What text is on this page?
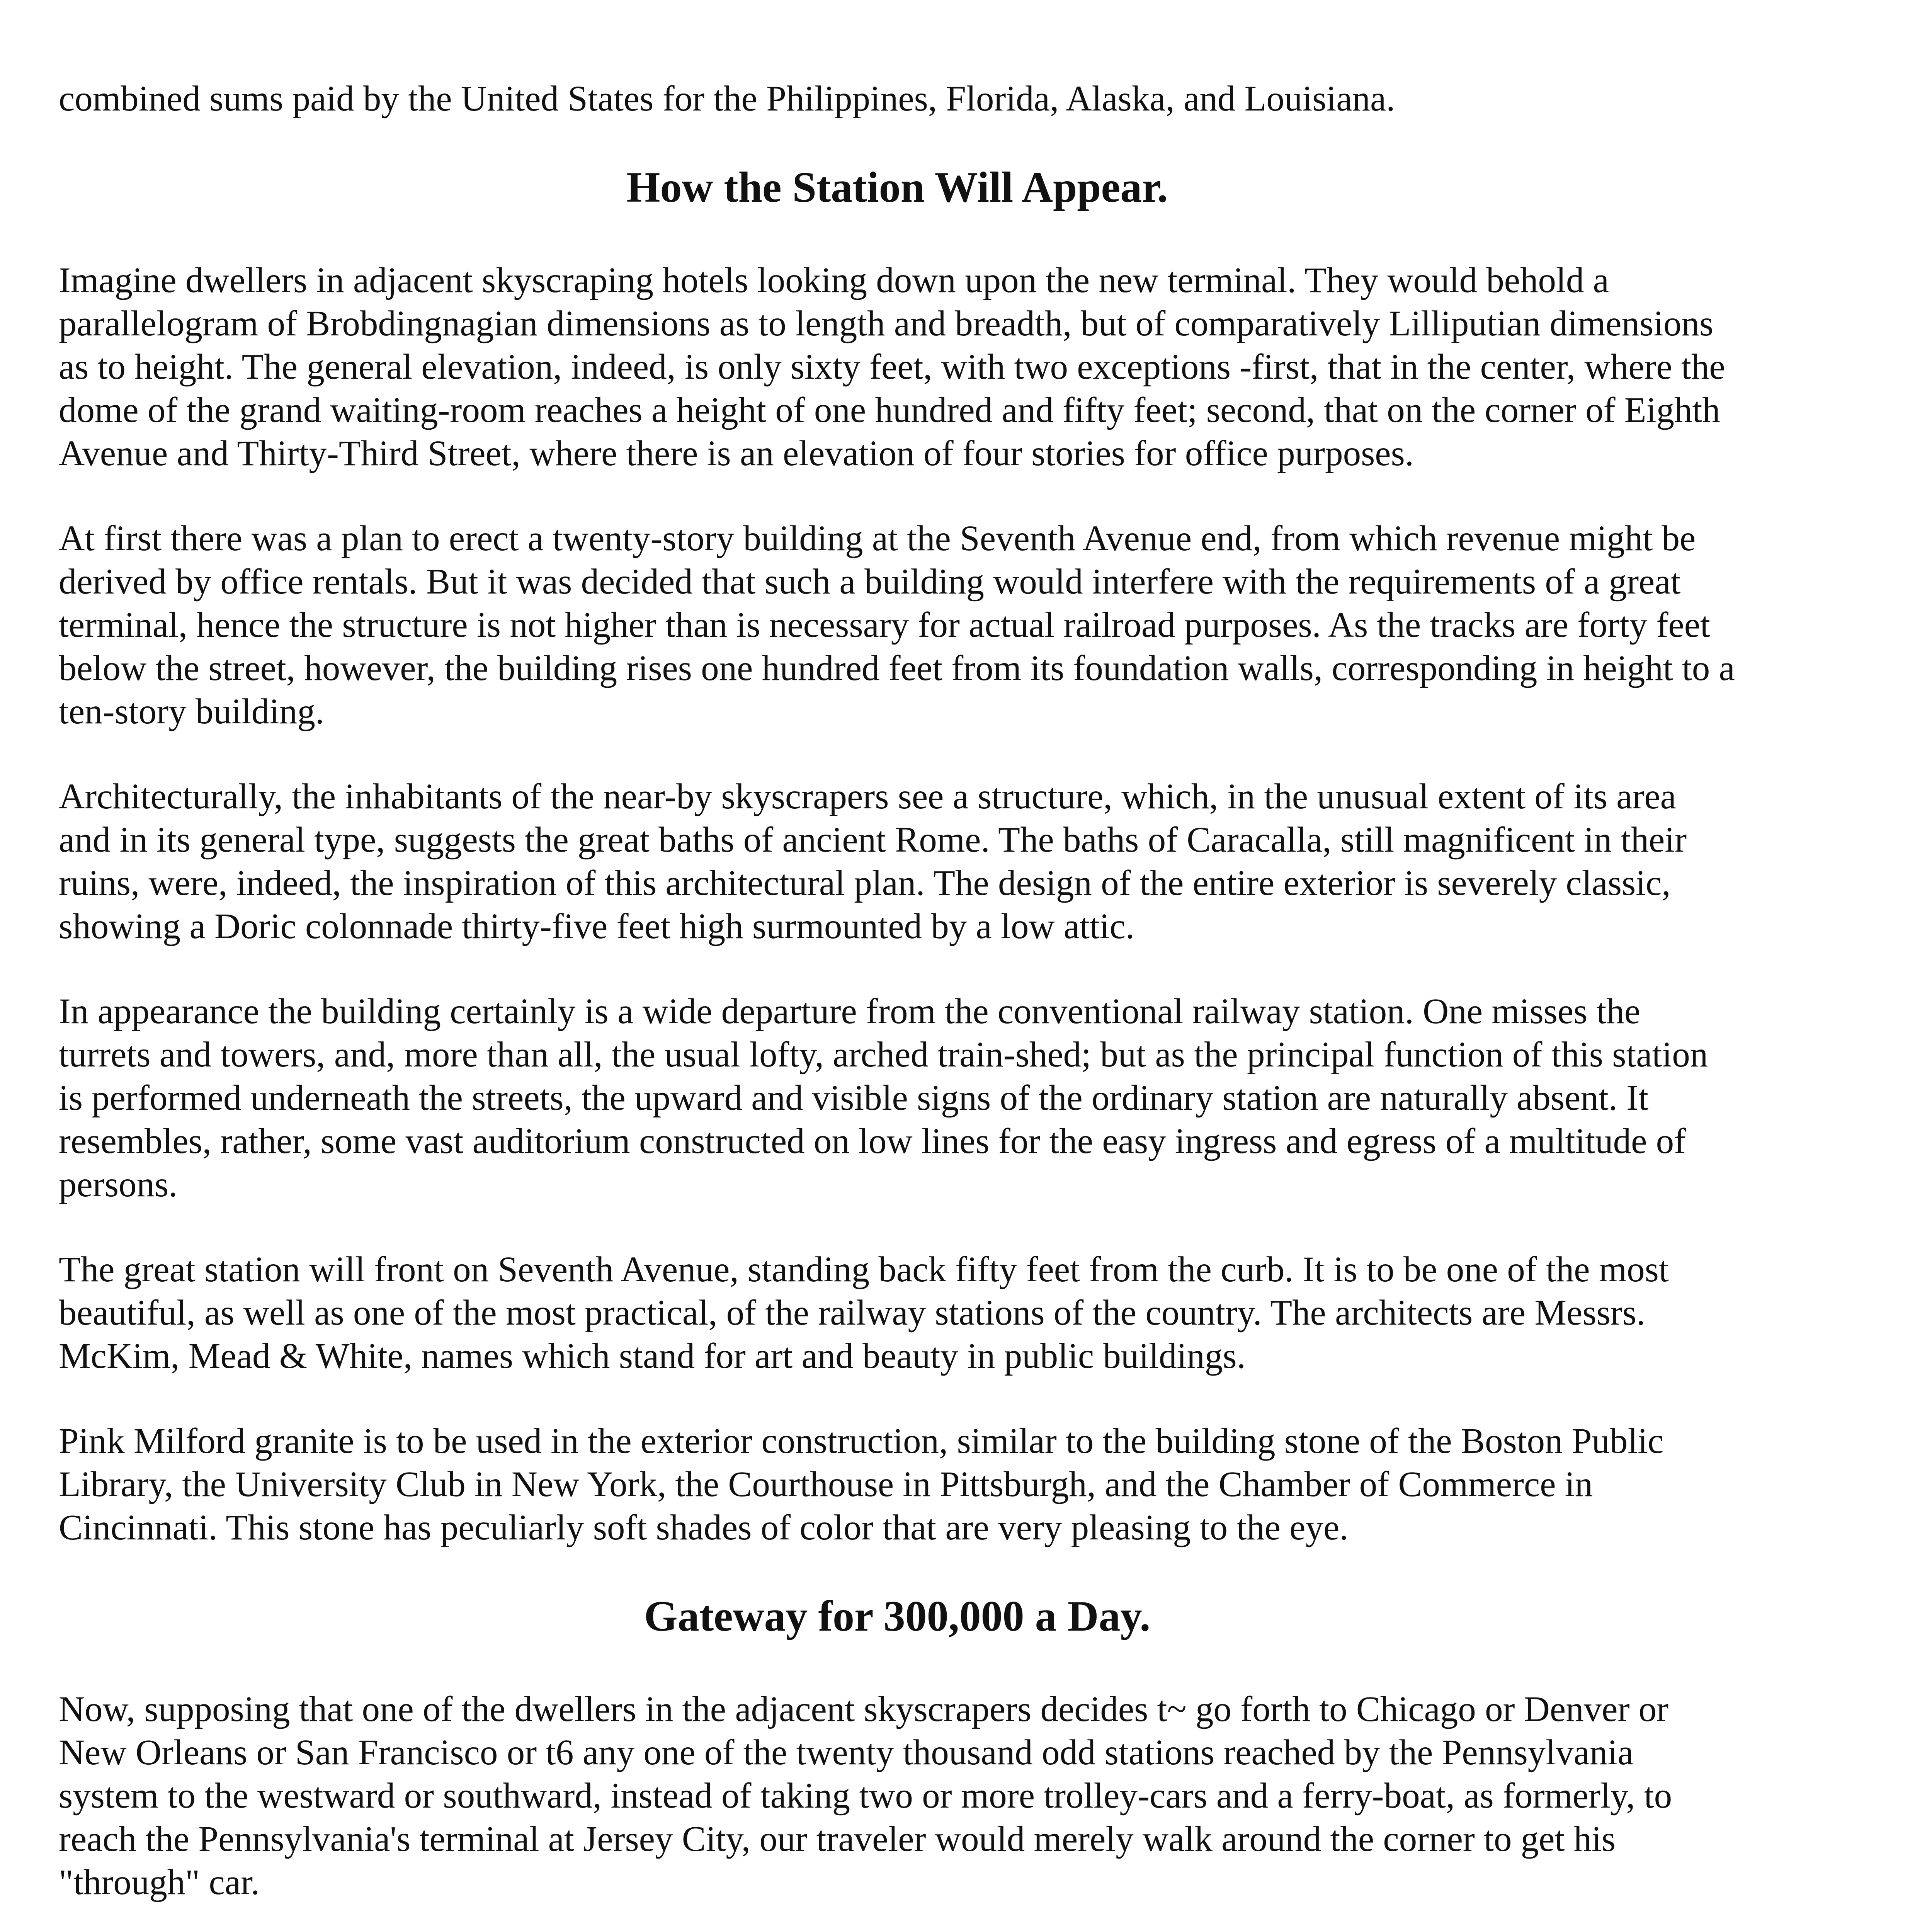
combined sums paid by the United States for the Philippines, Florida, Alaska, and Louisiana.

How the Station Will Appear.

Imagine dwellers in adjacent skyscraping hotels looking down upon the new terminal. They would behold a parallelogram of Brobdingnagian dimensions as to length and breadth, but of comparatively Lilliputian dimensions as to height. The general elevation, indeed, is only sixty feet, with two exceptions -first, that in the center, where the dome of the grand waiting-room reaches a height of one hundred and fifty feet; second, that on the corner of Eighth Avenue and Thirty-Third Street, where there is an elevation of four stories for office purposes.

At first there was a plan to erect a twenty-story building at the Seventh Avenue end, from which revenue might be derived by office rentals. But it was decided that such a building would interfere with the requirements of a great terminal, hence the structure is not higher than is necessary for actual railroad purposes. As the tracks are forty feet below the street, however, the building rises one hundred feet from its foundation walls, corresponding in height to a ten-story building.

Architecturally, the inhabitants of the near-by skyscrapers see a structure, which, in the unusual extent of its area and in its general type, suggests the great baths of ancient Rome. The baths of Caracalla, still magnificent in their ruins, were, indeed, the inspiration of this architectural plan. The design of the entire exterior is severely classic, showing a Doric colonnade thirty-five feet high surmounted by a low attic.

In appearance the building certainly is a wide departure from the conventional railway station. One misses the turrets and towers, and, more than all, the usual lofty, arched train-shed; but as the principal function of this station is performed underneath the streets, the upward and visible signs of the ordinary station are naturally absent. It resembles, rather, some vast auditorium constructed on low lines for the easy ingress and egress of a multitude of persons.

The great station will front on Seventh Avenue, standing back fifty feet from the curb. It is to be one of the most beautiful, as well as one of the most practical, of the railway stations of the country. The architects are Messrs. McKim, Mead & White, names which stand for art and beauty in public buildings.

Pink Milford granite is to be used in the exterior construction, similar to the building stone of the Boston Public Library, the University Club in New York, the Courthouse in Pittsburgh, and the Chamber of Commerce in Cincinnati. This stone has peculiarly soft shades of color that are very pleasing to the eye.

Gateway for 300,000 a Day.

Now, supposing that one of the dwellers in the adjacent skyscrapers decides t~ go forth to Chicago or Denver or New Orleans or San Francisco or t6 any one of the twenty thousand odd stations reached by the Pennsylvania system to the westward or southward, instead of taking two or more trolley-cars and a ferry-boat, as formerly, to reach the Pennsylvania's terminal at Jersey City, our traveler would merely walk around the corner to get his "through" car.
